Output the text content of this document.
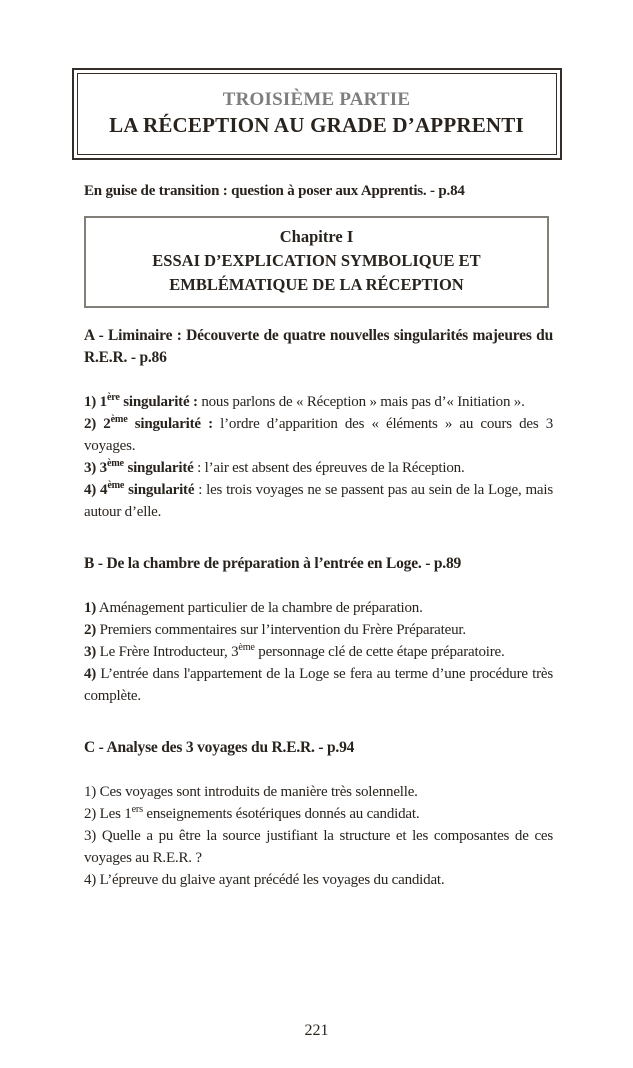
TROISIÈME PARTIE
LA RÉCEPTION AU GRADE D’APPRENTI

En guise de transition : question à poser aux Apprentis. - p.84

Chapitre I
ESSAI D’EXPLICATION SYMBOLIQUE ET
EMBLÉMATIQUE DE LA RÉCEPTION
A - Liminaire : Découverte de quatre nouvelles singularités majeures du R.E.R. - p.86

1) 1ère singularité : nous parlons de « Réception » mais pas d’« Initiation ».

2) 2ème singularité : l’ordre d’apparition des « éléments » au cours des 3 voyages.

3) 3ème singularité : l’air est absent des épreuves de la Réception.

4) 4ème singularité : les trois voyages ne se passent pas au sein de la Loge, mais autour d’elle.

B - De la chambre de préparation à l’entrée en Loge. - p.89

1) Aménagement particulier de la chambre de préparation.

2) Premiers commentaires sur l’intervention du Frère Préparateur.

3) Le Frère Introducteur, 3ème personnage clé de cette étape préparatoire.

4) L’entrée dans l'appartement de la Loge se fera au terme d’une procédure très complète.

C - Analyse des 3 voyages du R.E.R. - p.94

1) Ces voyages sont introduits de manière très solennelle.

2) Les 1ers enseignements ésotériques donnés au candidat.

3) Quelle a pu être la source justifiant la structure et les composantes de ces voyages au R.E.R. ?

4) L’épreuve du glaive ayant précédé les voyages du candidat.

221
